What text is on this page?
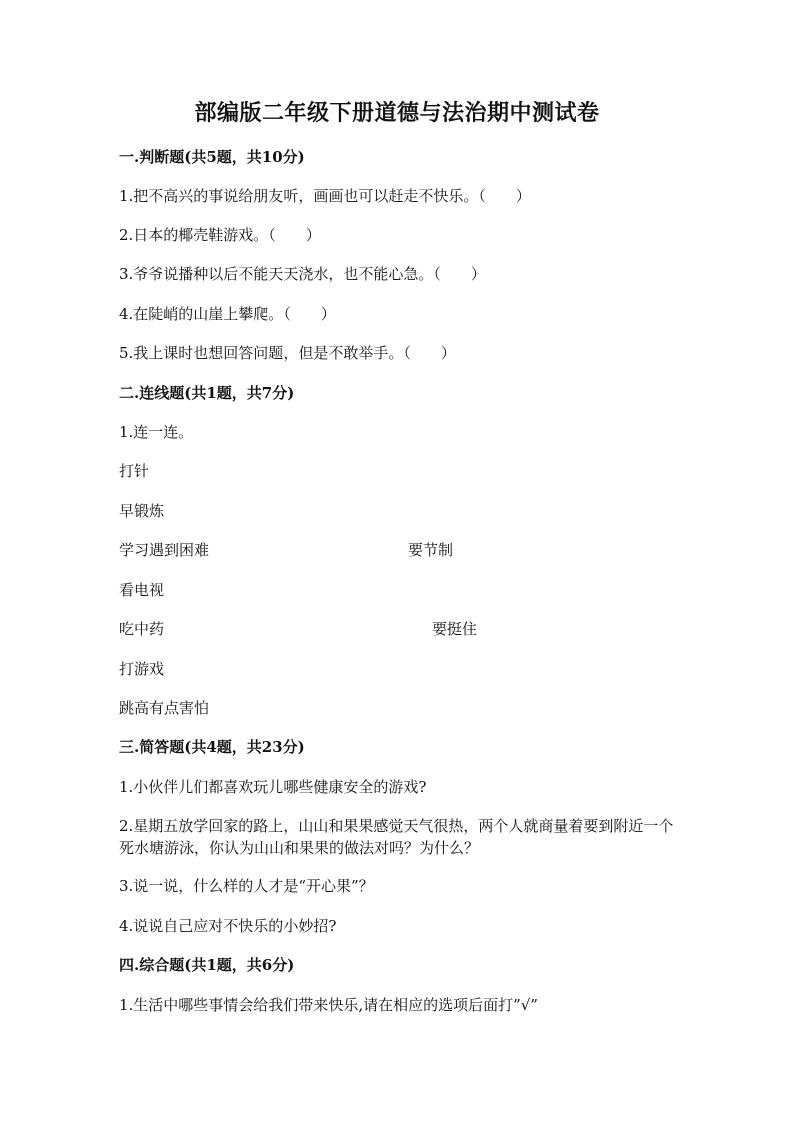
部编版二年级下册道德与法治期中测试卷
一.判断题(共5题，共10分)
1.把不高兴的事说给朋友听，画画也可以赶走不快乐。（　　）
2.日本的椰壳鞋游戏。（　　）
3.爷爷说播种以后不能天天浇水，也不能心急。（　　）
4.在陡峭的山崖上攀爬。（　　）
5.我上课时也想回答问题，但是不敢举手。（　　）
二.连线题(共1题，共7分)
1.连一连。
打针
早锻炼
学习遇到困难	要节制
看电视
吃中药	要挺住
打游戏
跳高有点害怕
三.简答题(共4题，共23分)
1.小伙伴儿们都喜欢玩儿哪些健康安全的游戏?
2.星期五放学回家的路上，山山和果果感觉天气很热，两个人就商量着要到附近一个死水塘游泳，你认为山山和果果的做法对吗？为什么？
3.说一说，什么样的人才是“开心果”？
4.说说自己应对不快乐的小妙招?
四.综合题(共1题，共6分)
1.生活中哪些事情会给我们带来快乐,请在相应的选项后面打”√”
